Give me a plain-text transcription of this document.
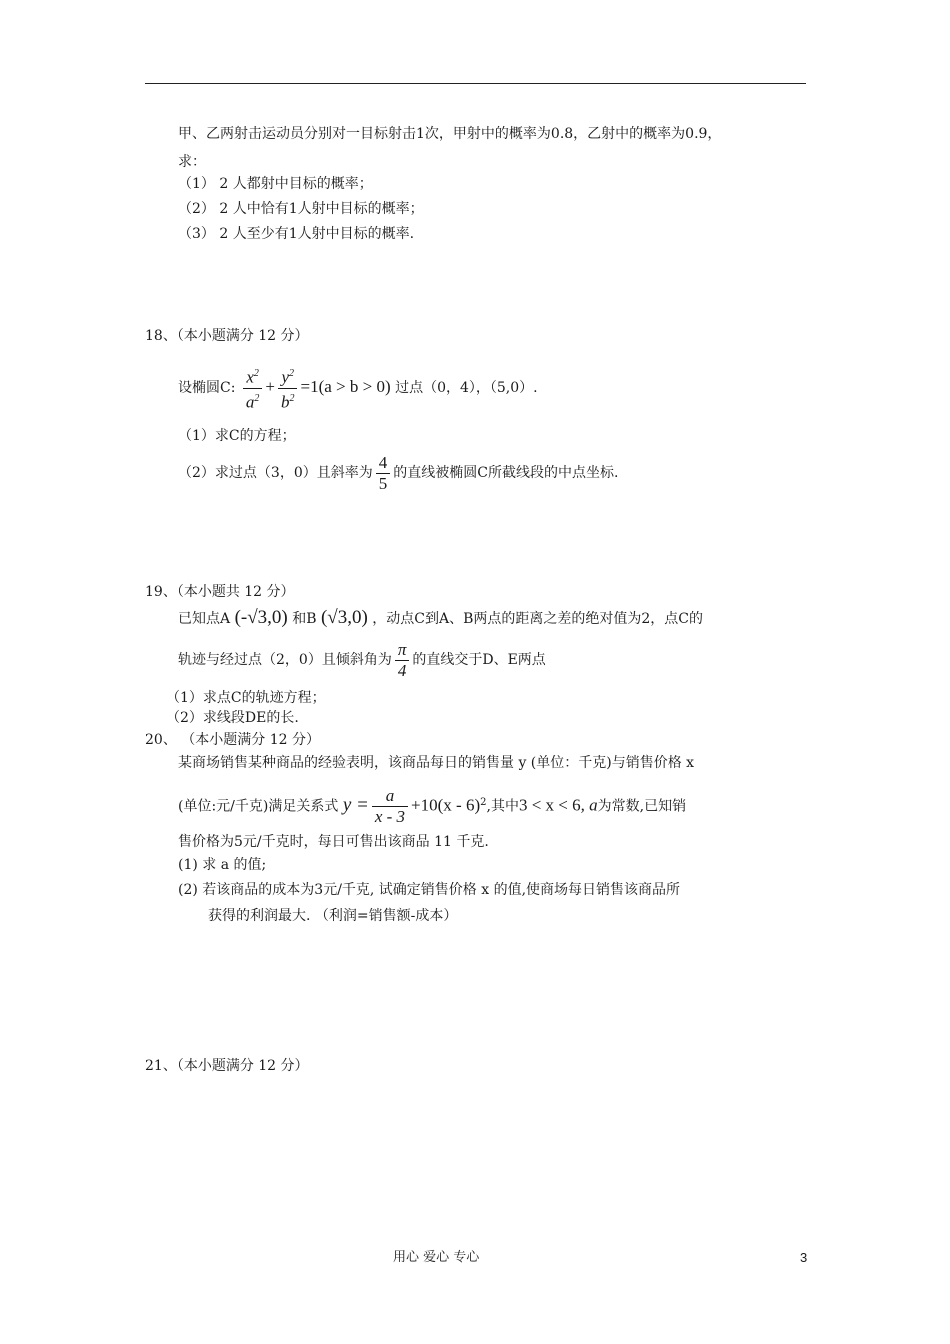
甲、乙两射击运动员分别对一目标射击1次，甲射中的概率为0.8，乙射中的概率为0.9，
求：
（1） 2 人都射中目标的概率；
（2） 2 人中恰有1人射中目标的概率；
（3） 2 人至少有1人射中目标的概率.
18、（本小题满分 12 分）
设椭圆C: $\frac{x^2}{a^2} + \frac{y^2}{b^2} =1(a > b > 0)$ 过点（0，4），（5,0）.
（1）求C的方程；
（2）求过点（3，0）且斜率为 $\frac{4}{5}$ 的直线被椭圆C所截线段的中点坐标.
19、（本小题共 12 分）
已知点A (-√3,0) 和B (√3,0) ，动点C到A、B两点的距离之差的绝对值为2，点C的
轨迹与经过点（2，0）且倾斜角为 $\frac{\pi}{4}$ 的直线交于D、E两点
（1）求点C的轨迹方程；
（2）求线段DE的长.
20、 （本小题满分 12 分）
某商场销售某种商品的经验表明，该商品每日的销售量 y (单位：千克)与销售价格 x
(单位:元/千克)满足关系式 $y = \frac{a}{x - 3} +10(x - 6)^2$,其中3 < x < 6, a为常数,已知销
售价格为5元/千克时，每日可售出该商品 11 千克.
(1) 求 a 的值;
(2) 若该商品的成本为3元/千克, 试确定销售价格 x 的值,使商场每日销售该商品所
获得的利润最大. （利润=销售额-成本）
21、（本小题满分 12 分）
用心 爱心 专心	3
